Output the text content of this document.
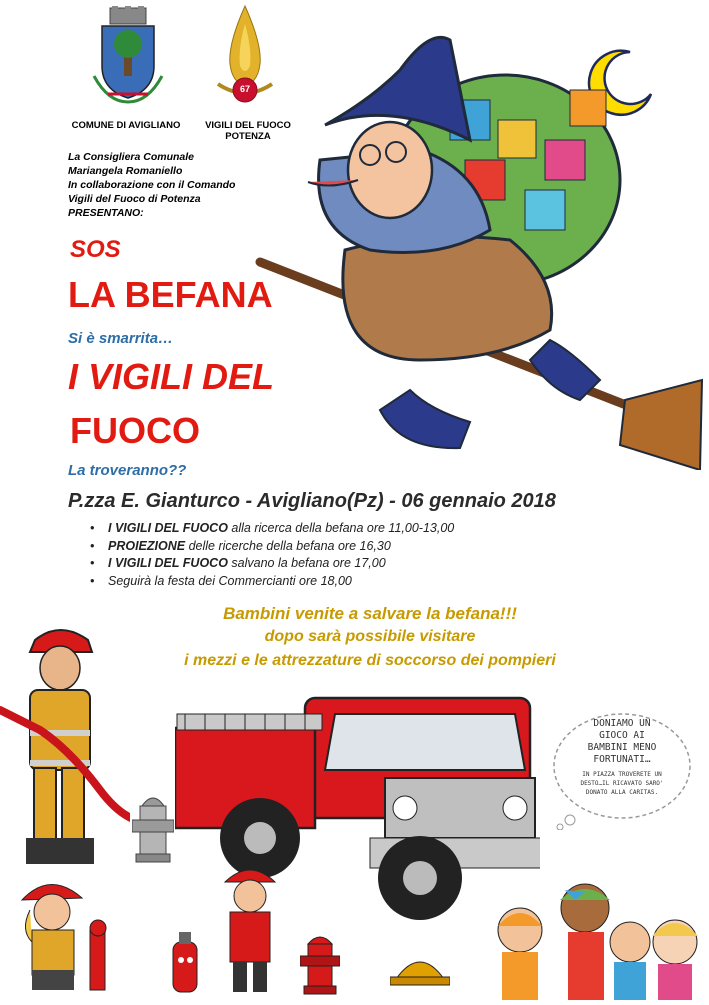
COMUNE DI AVIGLIANO
67
VIGILI DEL FUOCO
POTENZA
La Consigliera Comunale
Mariangela Romaniello
In collaborazione con il Comando
Vigili del Fuoco di Potenza
PRESENTANO:
SOS
LA BEFANA
Si è smarrita…
I VIGILI DEL
FUOCO
La troveranno??
P.zza E. Gianturco - Avigliano(Pz) - 06 gennaio 2018
• I VIGILI DEL FUOCO alla ricerca della befana ore 11,00-13,00
• PROIEZIONE delle ricerche della befana ore 16,30
• I VIGILI DEL FUOCO salvano la befana ore 17,00
• Seguirà la festa dei Commercianti ore 18,00
Bambini venite a salvare la befana!!!
dopo sarà possibile visitare
i mezzi e le attrezzature di soccorso dei pompieri
DONIAMO UN
GIOCO AI
BAMBINI MENO
FORTUNATI…
IN PIAZZA TROVERETE UN
DESTO…IL RICAVATO SARO'
DONATO ALLA CARITAS.
